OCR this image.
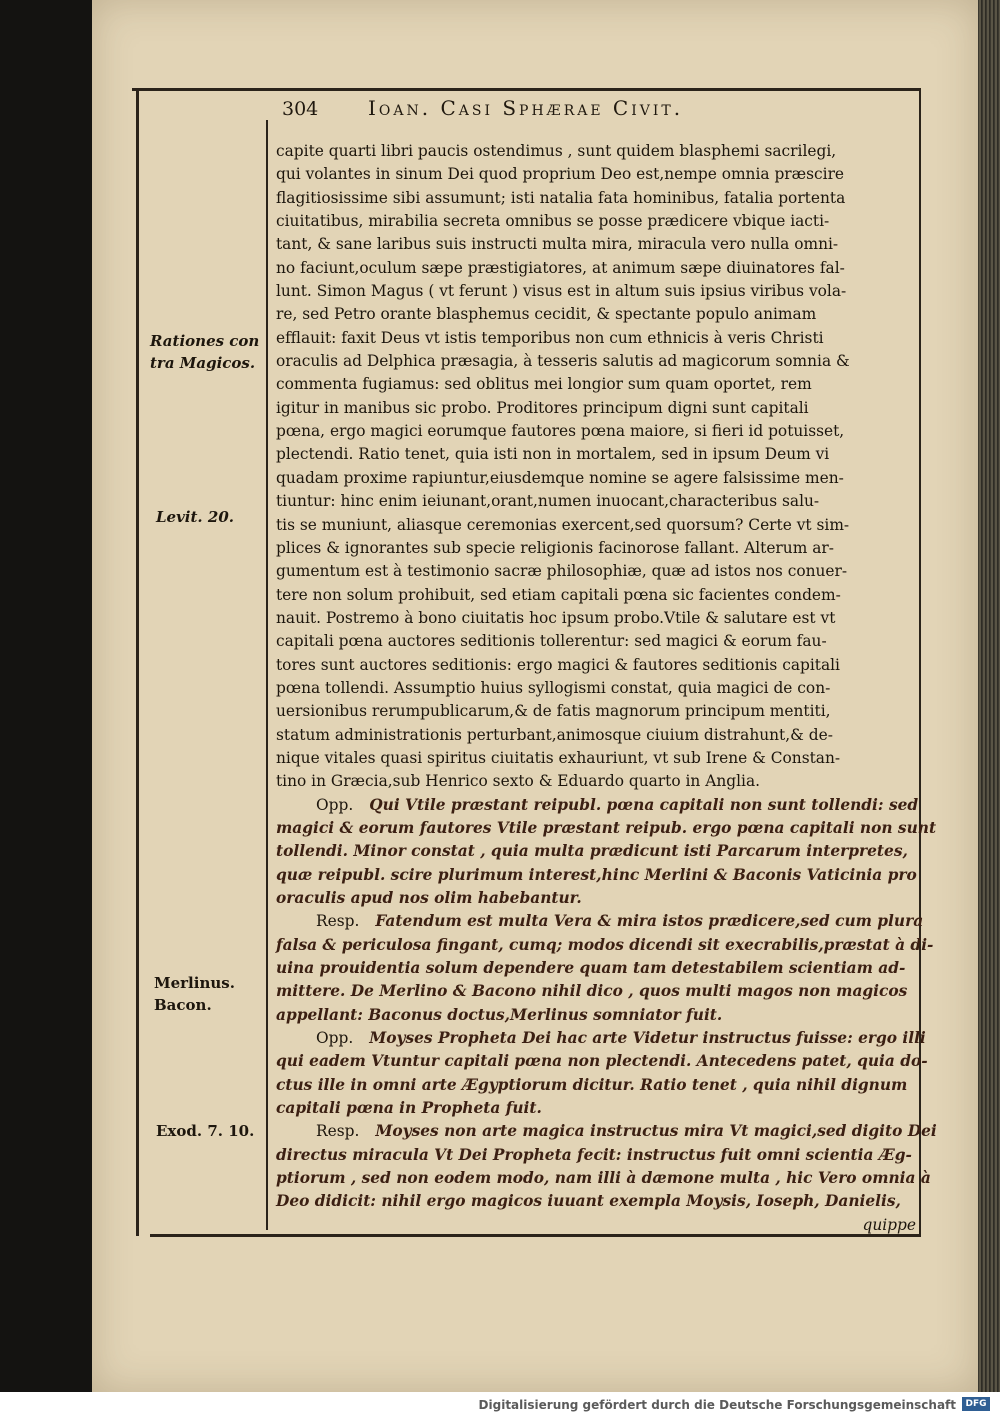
304 Ioan. Casi Sphærae Civit.
Rationes con
tra Magicos.
Levit. 20.
Merlinus.
Bacon.
Exod. 7. 10.
capite quarti libri paucis ostendimus , sunt quidem blasphemi sacrilegi,
qui volantes in sinum Dei quod proprium Deo est,nempe omnia præscire
flagitiosissime sibi assumunt; isti natalia fata hominibus, fatalia portenta
ciuitatibus, mirabilia secreta omnibus se posse prædicere vbique iacti-
tant, & sane laribus suis instructi multa mira, miracula vero nulla omni-
no faciunt,oculum sæpe præstigiatores, at animum sæpe diuinatores fal-
lunt. Simon Magus ( vt ferunt ) visus est in altum suis ipsius viribus vola-
re, sed Petro orante blasphemus cecidit, & spectante populo animam
efflauit: faxit Deus vt istis temporibus non cum ethnicis à veris Christi
oraculis ad Delphica præsagia, à tesseris salutis ad magicorum somnia &
commenta fugiamus: sed oblitus mei longior sum quam oportet, rem
igitur in manibus sic probo. Proditores principum digni sunt capitali
pœna, ergo magici eorumque fautores pœna maiore, si fieri id potuisset,
plectendi. Ratio tenet, quia isti non in mortalem, sed in ipsum Deum vi
quadam proxime rapiuntur,eiusdemque nomine se agere falsissime men-
tiuntur: hinc enim ieiunant,orant,numen inuocant,characteribus salu-
tis se muniunt, aliasque ceremonias exercent,sed quorsum? Certe vt sim-
plices & ignorantes sub specie religionis facinorose fallant. Alterum ar-
gumentum est à testimonio sacræ philosophiæ, quæ ad istos nos conuer-
tere non solum prohibuit, sed etiam capitali pœna sic facientes condem-
nauit. Postremo à bono ciuitatis hoc ipsum probo.Vtile & salutare est vt
capitali pœna auctores seditionis tollerentur: sed magici & eorum fau-
tores sunt auctores seditionis: ergo magici & fautores seditionis capitali
pœna tollendi. Assumptio huius syllogismi constat, quia magici de con-
uersionibus rerumpublicarum,& de fatis magnorum principum mentiti,
statum administrationis perturbant,animosque ciuium distrahunt,& de-
nique vitales quasi spiritus ciuitatis exhauriunt, vt sub Irene & Constan-
tino in Græcia,sub Henrico sexto & Eduardo quarto in Anglia.
Opp. Qui Vtile præstant reipubl. pœna capitali non sunt tollendi: sed
magici & eorum fautores Vtile præstant reipub. ergo pœna capitali non sunt
tollendi. Minor constat , quia multa prædicunt isti Parcarum interpretes,
quæ reipubl. scire plurimum interest,hinc Merlini & Baconis Vaticinia pro
oraculis apud nos olim habebantur.
Resp. Fatendum est multa Vera & mira istos prædicere,sed cum plura
falsa & periculosa fingant, cumq; modos dicendi sit execrabilis,præstat à di-
uina prouidentia solum dependere quam tam detestabilem scientiam ad-
mittere. De Merlino & Bacono nihil dico , quos multi magos non magicos
appellant: Baconus doctus,Merlinus somniator fuit.
Opp. Moyses Propheta Dei hac arte Videtur instructus fuisse: ergo illi
qui eadem Vtuntur capitali pœna non plectendi. Antecedens patet, quia do-
ctus ille in omni arte Ægyptiorum dicitur. Ratio tenet , quia nihil dignum
capitali pœna in Propheta fuit.
Resp. Moyses non arte magica instructus mira Vt magici,sed digito Dei
directus miracula Vt Dei Propheta fecit: instructus fuit omni scientia Æg-
ptiorum , sed non eodem modo, nam illi à dæmone multa , hic Vero omnia à
Deo didicit: nihil ergo magicos iuuant exempla Moysis, Ioseph, Danielis,
quippe
Digitalisierung gefördert durch die Deutsche Forschungsgemeinschaft	DFG
